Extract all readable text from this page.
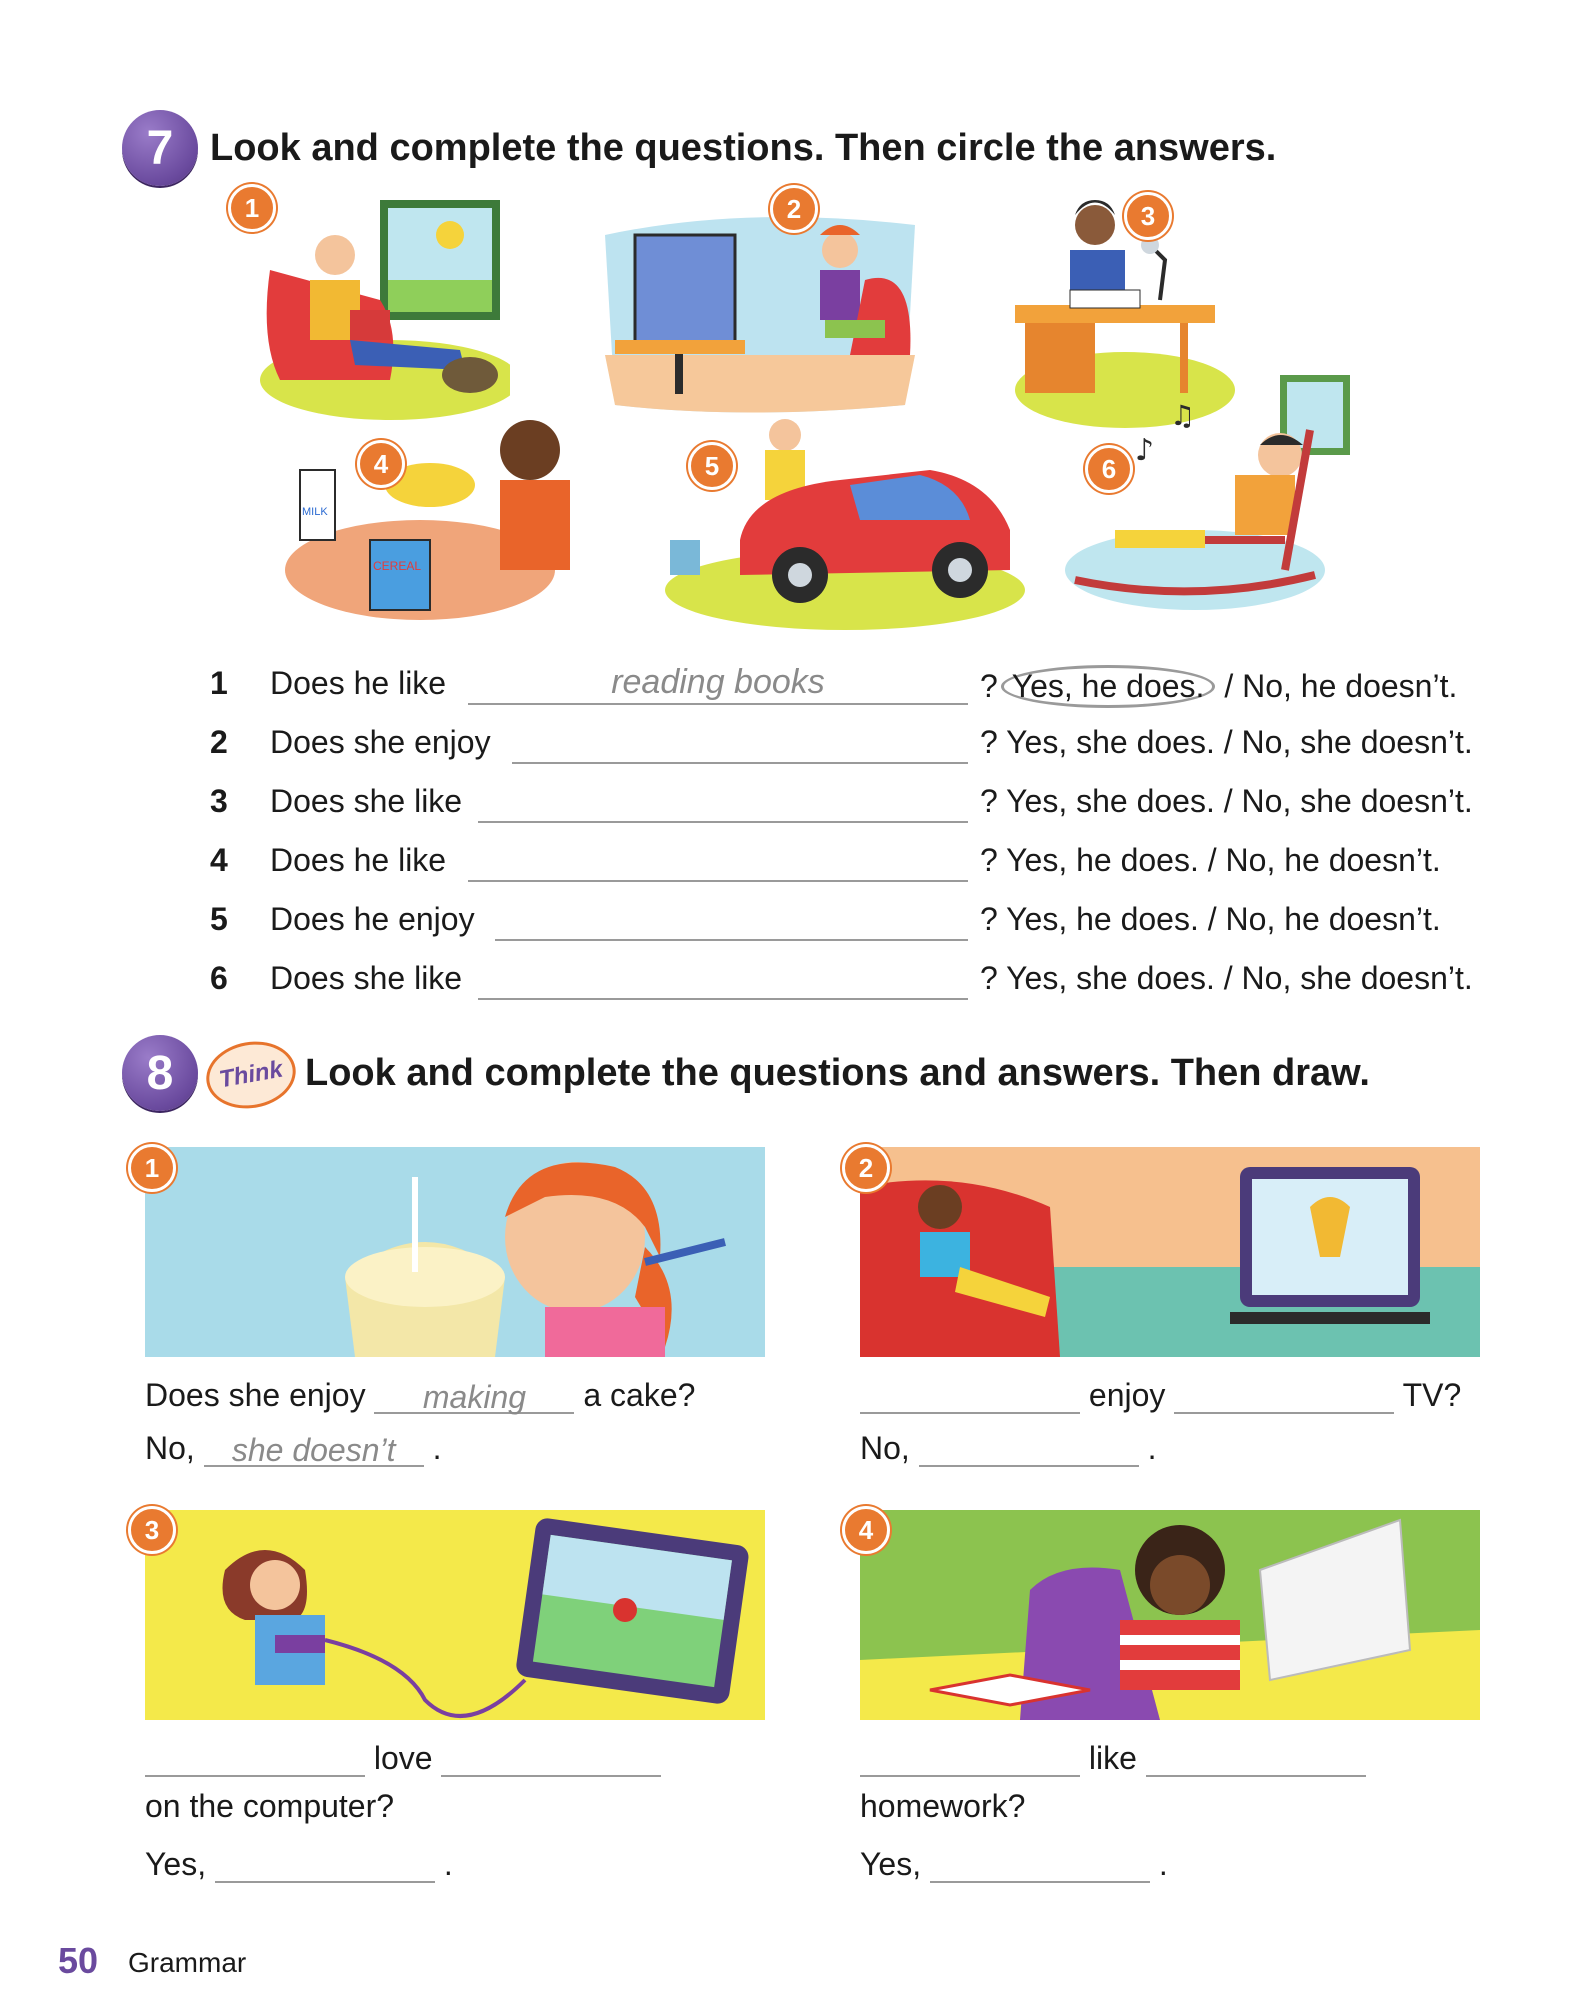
7 Look and complete the questions. Then circle the answers.
1	2	3
MILK
CEREAL
4	5	♪
♫
6
1	Does he like	reading books	? Yes, he does. / No, he doesn’t.
2	Does she enjoy	? Yes, she does. / No, she doesn’t.
3	Does she like	? Yes, she does. / No, she doesn’t.
4	Does he like	? Yes, he does. / No, he doesn’t.
5	Does he enjoy	? Yes, he does. / No, he doesn’t.
6	Does she like	? Yes, she does. / No, she doesn’t.
8	Think Look and complete the questions and answers. Then draw.
1	2
3	4
Does she enjoy making a cake?
No, she doesn’t .
enjoy	TV?
No,	.
love
on the computer?
Yes,	.
like
homework?
Yes,	.
50 Grammar
